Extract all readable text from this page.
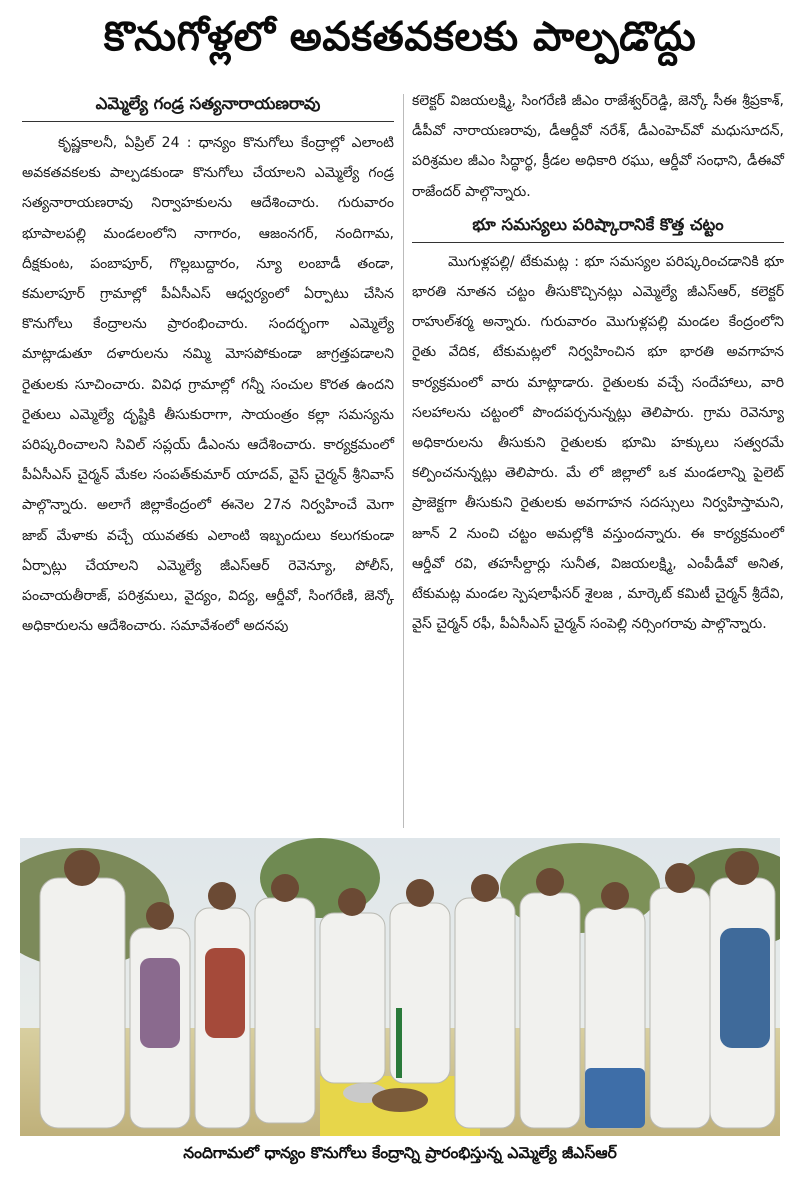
కొనుగోళ్లలో అవకతవకలకు పాల్పడొద్దు
ఎమ్మెల్యే గండ్ర సత్యనారాయణరావు

కృష్ణకాలనీ, ఏప్రిల్ 24 : ధాన్యం కొనుగోలు కేంద్రాల్లో ఎలాంటి అవకతవకలకు పాల్పడకుండా కొనుగోలు చేయాలని ఎమ్మెల్యే గండ్ర సత్యనారాయణరావు నిర్వాహకులను ఆదేశించారు. గురువారం భూపాలపల్లి మండలంలోని నాగారం, ఆజంనగర్, నందిగామ, దీక్షకుంట, పంబాపూర్, గొల్లబుద్దారం, న్యూ లంబాడీ తండా, కమలాపూర్ గ్రామాల్లో పీఏసీఎస్ ఆధ్వర్యంలో ఏర్పాటు చేసిన కొనుగోలు కేంద్రాలను ప్రారంభించారు. సందర్భంగా ఎమ్మెల్యే మాట్లాడుతూ దళారులను నమ్మి మోసపోకుండా జాగ్రత్తపడాలని రైతులకు సూచించారు. వివిధ గ్రామాల్లో గన్నీ సంచుల కొరత ఉందని రైతులు ఎమ్మెల్యే దృష్టికి తీసుకురాగా, సాయంత్రం కల్లా సమస్యను పరిష్కరించాలని సివిల్ సప్లయ్ డీఎంను ఆదేశించారు. కార్యక్రమంలో పీఏసీఎస్ చైర్మన్ మేకల సంపత్‌కుమార్ యాదవ్, వైస్ చైర్మన్ శ్రీనివాస్ పాల్గొన్నారు. అలాగే జిల్లాకేంద్రంలో ఈనెల 27న నిర్వహించే మెగా జాబ్ మేళాకు వచ్చే యువతకు ఎలాంటి ఇబ్బందులు కలుగకుండా ఏర్పాట్లు చేయాలని ఎమ్మెల్యే జీఎస్ఆర్ రెవెన్యూ, పోలీస్, పంచాయతీరాజ్, పరిశ్రమలు, వైద్యం, విద్య, ఆర్డీవో, సింగరేణి, జెన్కో అధికారులను ఆదేశించారు. సమావేశంలో అదనపు

కలెక్టర్ విజయలక్ష్మి, సింగరేణి జీఎం రాజేశ్వర్‌రెడ్డి, జెన్కో సీఈ శ్రీప్రకాశ్, డీపీవో నారాయణరావు, డీఆర్డీవో నరేశ్, డీఎంహెచ్‌వో మధుసూదన్, పరిశ్రమల జీఎం సిద్ధార్థ, క్రీడల అధికారి రఘు, ఆర్డీవో సంధాని, డీఈవో రాజేందర్ పాల్గొన్నారు.

భూ సమస్యలు పరిష్కారానికే కొత్త చట్టం

మొగుళ్లపల్లి/ టేకుమట్ల : భూ సమస్యల పరిష్కరించడానికి భూ భారతి నూతన చట్టం తీసుకొచ్చినట్లు ఎమ్మెల్యే జీఎస్ఆర్, కలెక్టర్ రాహుల్‌శర్మ అన్నారు. గురువారం మొగుళ్లపల్లి మండల కేంద్రంలోని రైతు వేదిక, టేకుమట్లలో నిర్వహించిన భూ భారతి అవగాహన కార్యక్రమంలో వారు మాట్లాడారు. రైతులకు వచ్చే సందేహాలు, వారి సలహాలను చట్టంలో పొందపర్చనున్నట్లు తెలిపారు. గ్రామ రెవెన్యూ అధికారులను తీసుకుని రైతులకు భూమి హక్కులు సత్వరమే కల్పించనున్నట్లు తెలిపారు. మే లో జిల్లాలో ఒక మండలాన్ని పైలెట్ ప్రాజెక్టగా తీసుకుని రైతులకు అవగాహన సదస్సులు నిర్వహిస్తామని, జూన్ 2 నుంచి చట్టం అమల్లోకి వస్తుందన్నారు. ఈ కార్యక్రమంలో ఆర్డీవో రవి, తహసీల్దార్లు సునీత, విజయలక్ష్మి, ఎంపీడీవో అనిత, టేకుమట్ల మండల స్పెషలాఫీసర్ శైలజ , మార్కెట్ కమిటీ చైర్మన్ శ్రీదేవి, వైస్ చైర్మన్ రఫీ, పీఏసీఎస్ చైర్మన్ సంపెల్లి నర్సింగరావు పాల్గొన్నారు.

నందిగామలో ధాన్యం కొనుగోలు కేంద్రాన్ని ప్రారంభిస్తున్న ఎమ్మెల్యే జీఎస్ఆర్
